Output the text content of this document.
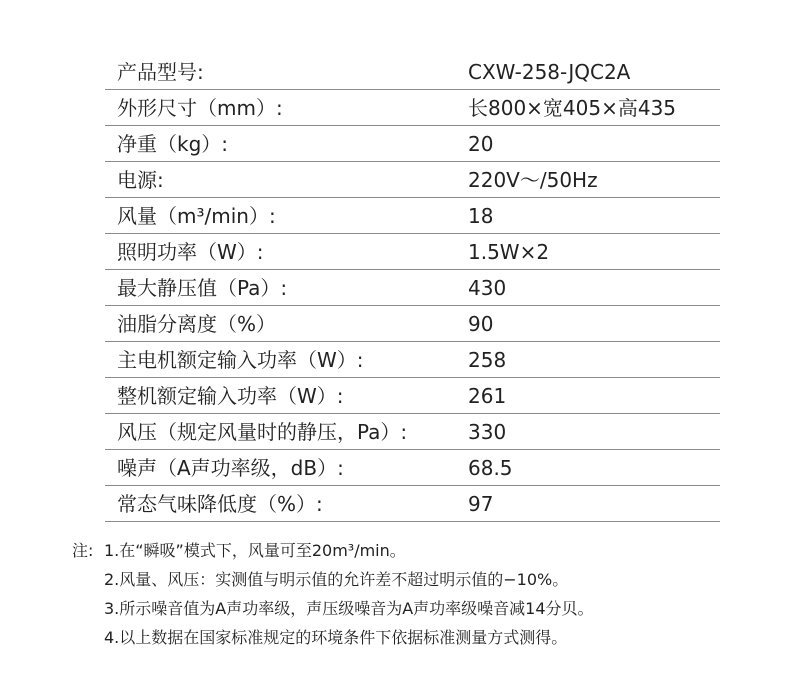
产品型号:	CXW-258-JQC2A
外形尺寸（mm）:	长800×宽405×高435
净重（kg）:	20
电源:	220V～/50Hz
风量（m³/min）:	18
照明功率（W）:	1.5W×2
最大静压值（Pa）:	430
油脂分离度（%）	90
主电机额定输入功率（W）:	258
整机额定输入功率（W）:	261
风压（规定风量时的静压，Pa）:	330
噪声（A声功率级，dB）:	68.5
常态气味降低度（%）:	97
注: 1.在“瞬吸”模式下，风量可至20m³/min。
2.风量、风压：实测值与明示值的允许差不超过明示值的−10%。
3.所示噪音值为A声功率级，声压级噪音为A声功率级噪音减14分贝。
4.以上数据在国家标准规定的环境条件下依据标准测量方式测得。
